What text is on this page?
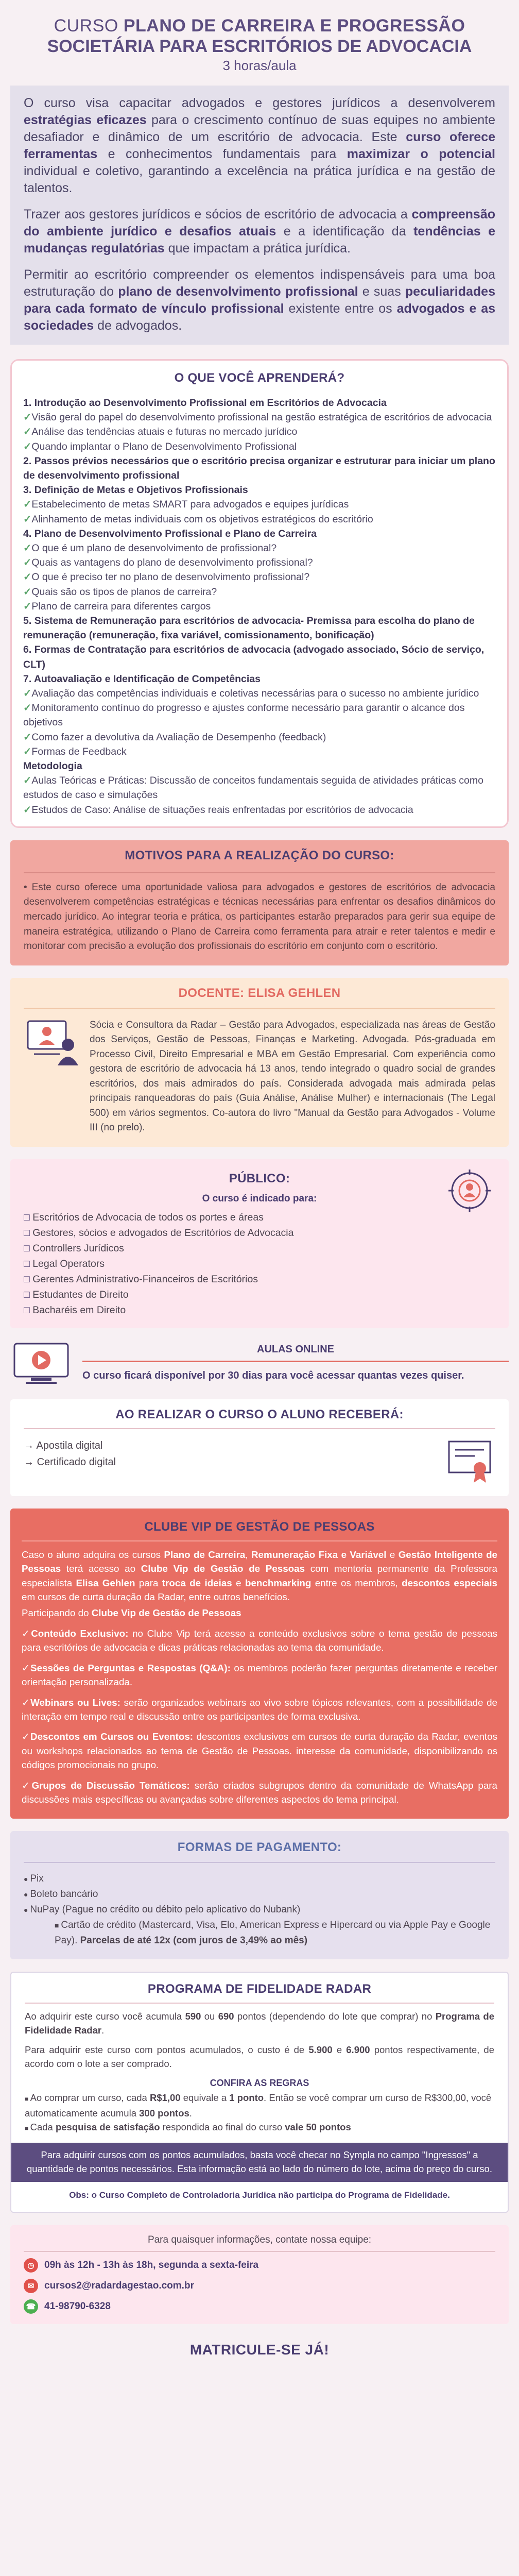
CURSO PLANO DE CARREIRA E PROGRESSÃO
SOCIETÁRIA PARA ESCRITÓRIOS DE ADVOCACIA
3 horas/aula

O curso visa capacitar advogados e gestores jurídicos a desenvolverem estratégias eficazes para o crescimento contínuo de suas equipes no ambiente desafiador e dinâmico de um escritório de advocacia. Este curso oferece ferramentas e conhecimentos fundamentais para maximizar o potencial individual e coletivo, garantindo a excelência na prática jurídica e na gestão de talentos.

Trazer aos gestores jurídicos e sócios de escritório de advocacia a compreensão do ambiente jurídico e desafios atuais e a identificação da tendências e mudanças regulatórias que impactam a prática jurídica.

Permitir ao escritório compreender os elementos indispensáveis para uma boa estruturação do plano de desenvolvimento profissional e suas peculiaridades para cada formato de vínculo profissional existente entre os advogados e as sociedades de advogados.

O QUE VOCÊ APRENDERÁ?
1. Introdução ao Desenvolvimento Profissional em Escritórios de Advocacia
✓ Visão geral do papel do desenvolvimento profissional na gestão estratégica de escritórios de advocacia
✓ Análise das tendências atuais e futuras no mercado jurídico
✓ Quando implantar o Plano de Desenvolvimento Profissional
2. Passos prévios necessários que o escritório precisa organizar e estruturar para iniciar um plano de desenvolvimento profissional
3. Definição de Metas e Objetivos Profissionais
✓ Estabelecimento de metas SMART para advogados e equipes jurídicas
✓ Alinhamento de metas individuais com os objetivos estratégicos do escritório
4. Plano de Desenvolvimento Profissional e Plano de Carreira
✓ O que é um plano de desenvolvimento de profissional?
✓ Quais as vantagens do plano de desenvolvimento profissional?
✓ O que é preciso ter no plano de desenvolvimento profissional?
✓ Quais são os tipos de planos de carreira?
✓ Plano de carreira para diferentes cargos
5. Sistema de Remuneração para escritórios de advocacia- Premissa para escolha do plano de remuneração (remuneração, fixa variável, comissionamento, bonificação)
6. Formas de Contratação para escritórios de advocacia (advogado associado, Sócio de serviço, CLT)
7. Autoavaliação e Identificação de Competências
✓ Avaliação das competências individuais e coletivas necessárias para o sucesso no ambiente jurídico
✓ Monitoramento contínuo do progresso e ajustes conforme necessário para garantir o alcance dos objetivos
✓ Como fazer a devolutiva da Avaliação de Desempenho (feedback)
✓ Formas de Feedback
Metodologia
✓ Aulas Teóricas e Práticas: Discussão de conceitos fundamentais seguida de atividades práticas como estudos de caso e simulações
✓ Estudos de Caso: Análise de situações reais enfrentadas por escritórios de advocacia
MOTIVOS PARA A REALIZAÇÃO DO CURSO:

• Este curso oferece uma oportunidade valiosa para advogados e gestores de escritórios de advocacia desenvolverem competências estratégicas e técnicas necessárias para enfrentar os desafios dinâmicos do mercado jurídico. Ao integrar teoria e prática, os participantes estarão preparados para gerir sua equipe de maneira estratégica, utilizando o Plano de Carreira como ferramenta para atrair e reter talentos e medir e monitorar com precisão a evolução dos profissionais do escritório em conjunto com o escritório.

DOCENTE: ELISA GEHLEN

Sócia e Consultora da Radar – Gestão para Advogados, especializada nas áreas de Gestão dos Serviços, Gestão de Pessoas, Finanças e Marketing. Advogada. Pós-graduada em Processo Civil, Direito Empresarial e MBA em Gestão Empresarial. Com experiência como gestora de escritório de advocacia há 13 anos, tendo integrado o quadro social de grandes escritórios, dos mais admirados do país. Considerada advogada mais admirada pelas principais ranqueadoras do país (Guia Análise, Análise Mulher) e internacionais (The Legal 500) em vários segmentos. Co-autora do livro "Manual da Gestão para Advogados - Volume III (no prelo).

PÚBLICO:
O curso é indicado para:
□ Escritórios de Advocacia de todos os portes e áreas
□ Gestores, sócios e advogados de Escritórios de Advocacia
□ Controllers Jurídicos
□ Legal Operators
□ Gerentes Administrativo-Financeiros de Escritórios
□ Estudantes de Direito
□ Bacharéis em Direito
AULAS ONLINE

O curso ficará disponível por 30 dias para você acessar quantas vezes quiser.

AO REALIZAR O CURSO O ALUNO RECEBERÁ:
→ Apostila digital
→ Certificado digital
CLUBE VIP DE GESTÃO DE PESSOAS

Caso o aluno adquira os cursos Plano de Carreira, Remuneração Fixa e Variável e Gestão Inteligente de Pessoas terá acesso ao Clube Vip de Gestão de Pessoas com mentoria permanente da Professora especialista Elisa Gehlen para troca de ideias e benchmarking entre os membros, descontos especiais em cursos de curta duração da Radar, entre outros benefícios.

Participando do Clube Vip de Gestão de Pessoas

✓ Conteúdo Exclusivo: no Clube Vip terá acesso a conteúdo exclusivos sobre o tema gestão de pessoas para escritórios de advocacia e dicas práticas relacionadas ao tema da comunidade.

✓ Sessões de Perguntas e Respostas (Q&A): os membros poderão fazer perguntas diretamente e receber orientação personalizada.

✓ Webinars ou Lives: serão organizados webinars ao vivo sobre tópicos relevantes, com a possibilidade de interação em tempo real e discussão entre os participantes de forma exclusiva.

✓ Descontos em Cursos ou Eventos: descontos exclusivos em cursos de curta duração da Radar, eventos ou workshops relacionados ao tema de Gestão de Pessoas. interesse da comunidade, disponibilizando os códigos promocionais no grupo.

✓ Grupos de Discussão Temáticos: serão criados subgrupos dentro da comunidade de WhatsApp para discussões mais específicas ou avançadas sobre diferentes aspectos do tema principal.

FORMAS DE PAGAMENTO:
● Pix
● Boleto bancário
● NuPay (Pague no crédito ou débito pelo aplicativo do Nubank)
■ Cartão de crédito (Mastercard, Visa, Elo, American Express e Hipercard ou via Apple Pay e Google Pay). Parcelas de até 12x (com juros de 3,49% ao mês)
PROGRAMA DE FIDELIDADE RADAR

Ao adquirir este curso você acumula 590 ou 690 pontos (dependendo do lote que comprar) no Programa de Fidelidade Radar.

Para adquirir este curso com pontos acumulados, o custo é de 5.900 e 6.900 pontos respectivamente, de acordo com o lote a ser comprado.

CONFIRA AS REGRAS
■ Ao comprar um curso, cada R$1,00 equivale a 1 ponto. Então se você comprar um curso de R$300,00, você automaticamente acumula 300 pontos.
■ Cada pesquisa de satisfação respondida ao final do curso vale 50 pontos
Para adquirir cursos com os pontos acumulados, basta você checar no Sympla no campo "Ingressos" a quantidade de pontos necessários. Esta informação está ao lado do número do lote, acima do preço do curso.
Obs: o Curso Completo de Controladoria Jurídica não participa do Programa de Fidelidade.
Para quaisquer informações, contate nossa equipe:
◷	09h às 12h - 13h às 18h, segunda a sexta-feira
✉	cursos2@radardagestao.com.br
☎ 41-98790-6328
MATRICULE-SE JÁ!
